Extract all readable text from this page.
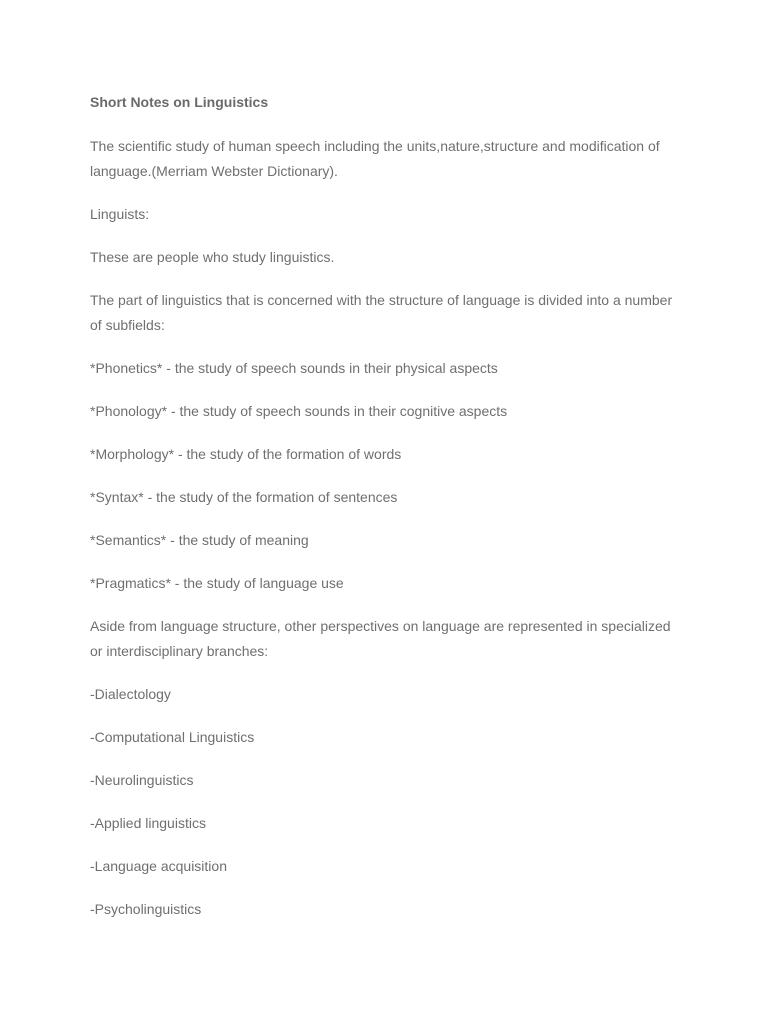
Short Notes on Linguistics

The scientific study of human speech including the units,nature,structure and modification of language.(Merriam Webster Dictionary).

Linguists:

These are people who study linguistics.

The part of linguistics that is concerned with the structure of language is divided into a number of subfields:

*Phonetics* - the study of speech sounds in their physical aspects

*Phonology* - the study of speech sounds in their cognitive aspects

*Morphology* - the study of the formation of words

*Syntax* - the study of the formation of sentences

*Semantics* - the study of meaning

*Pragmatics* - the study of language use

Aside from language structure, other perspectives on language are represented in specialized or interdisciplinary branches:

-Dialectology

-Computational Linguistics

-Neurolinguistics

-Applied linguistics

-Language acquisition

-Psycholinguistics
